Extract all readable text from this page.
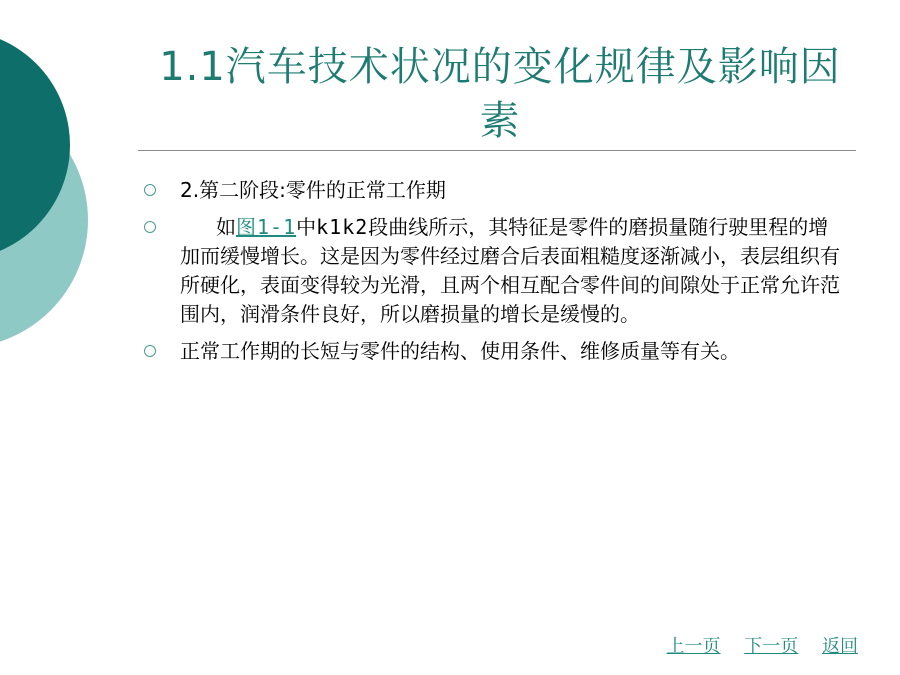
1.1汽车技术状况的变化规律及影响因素
2.第二阶段:零件的正常工作期
如图1-1中k1k2段曲线所示，其特征是零件的磨损量随行驶里程的增加而缓慢增长。这是因为零件经过磨合后表面粗糙度逐渐减小，表层组织有所硬化，表面变得较为光滑，且两个相互配合零件间的间隙处于正常允许范围内，润滑条件良好，所以磨损量的增长是缓慢的。
正常工作期的长短与零件的结构、使用条件、维修质量等有关。
上一页 下一页 返回
